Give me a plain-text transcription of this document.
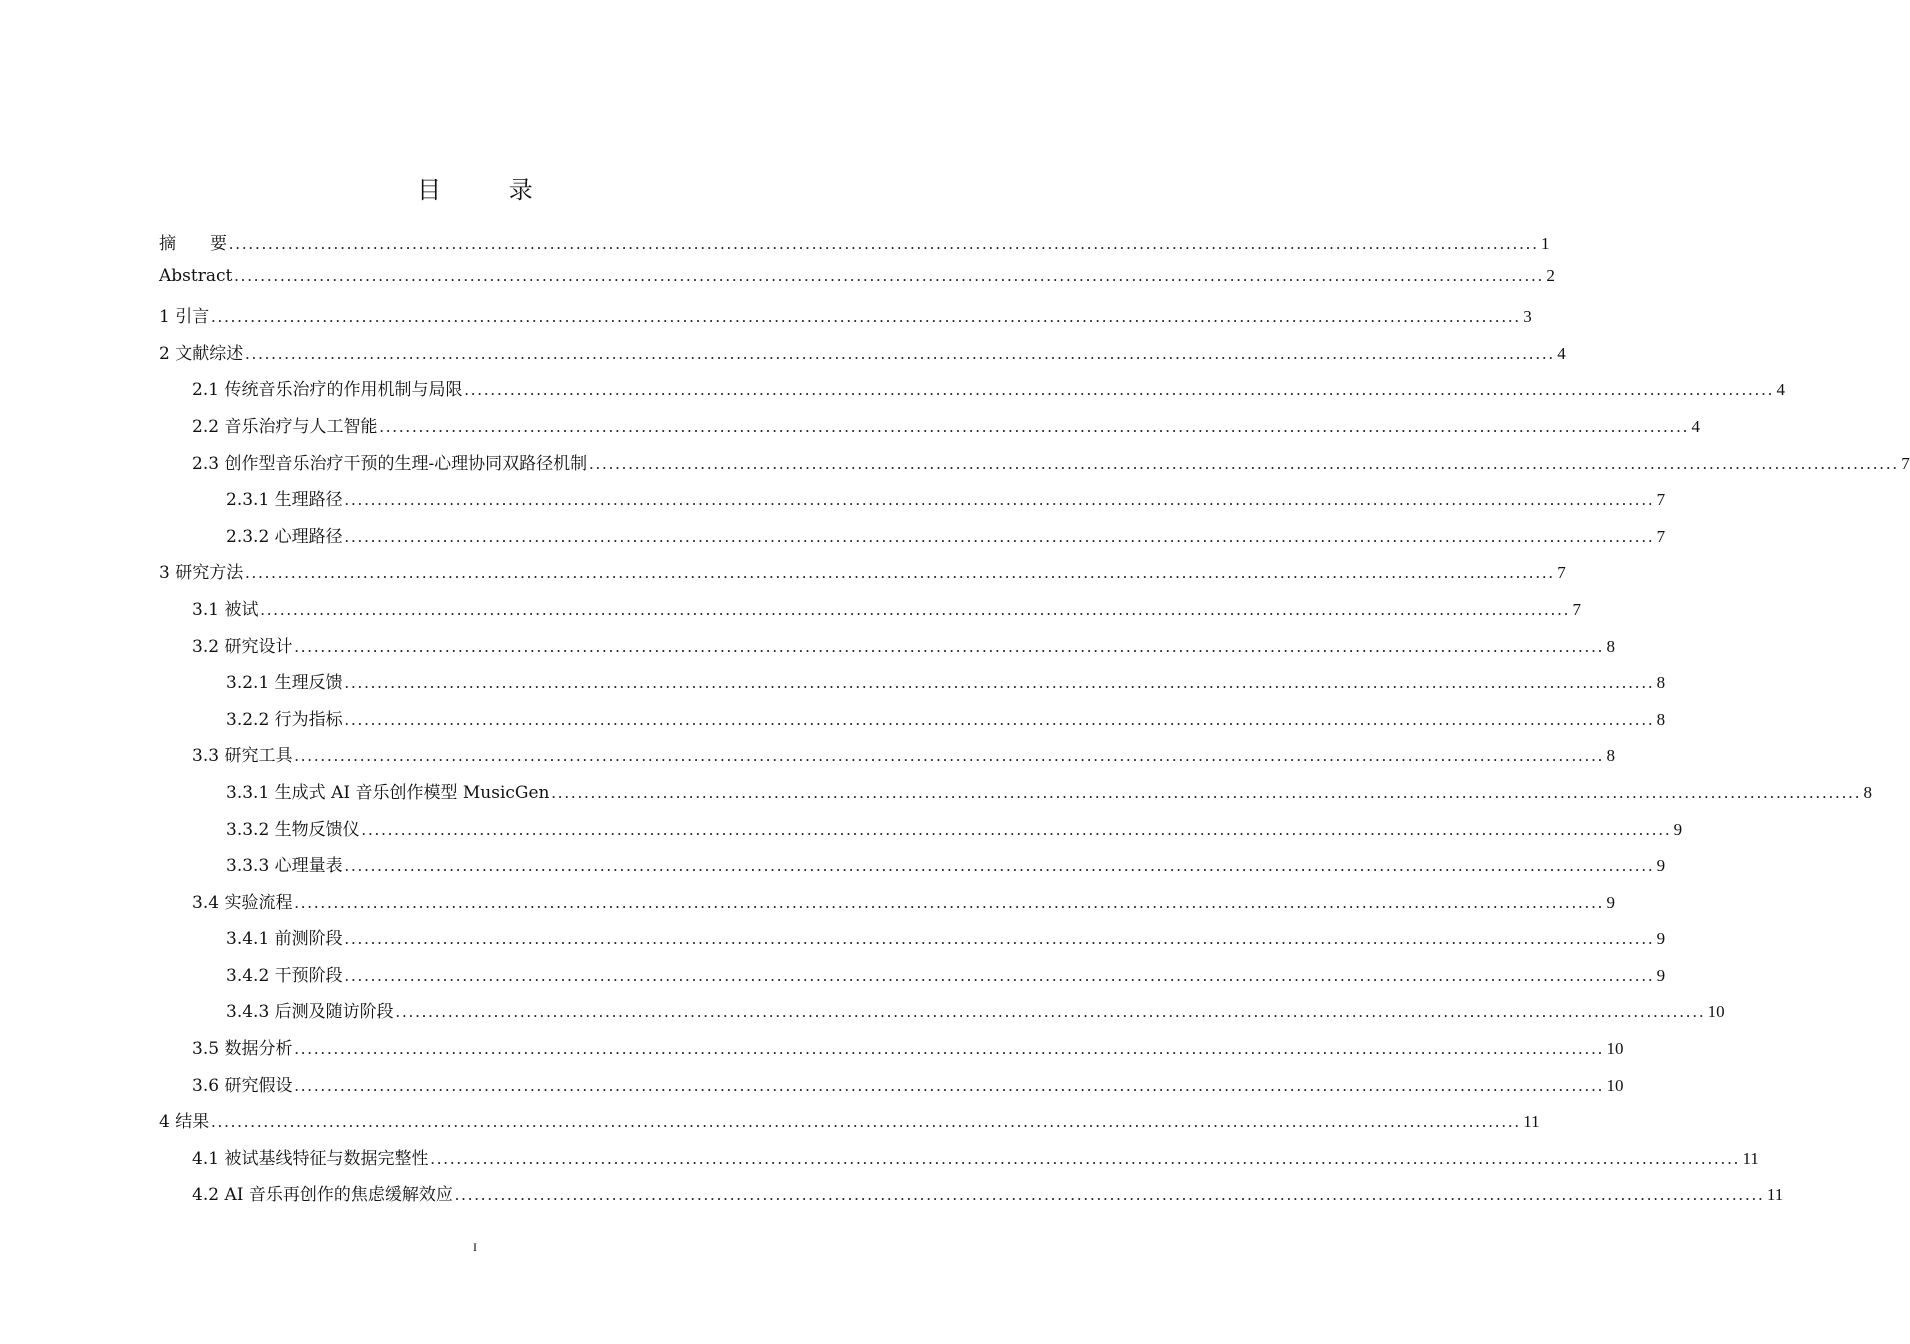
目 录
摘　　要 ........................................................................................................................................................................................................ 1
Abstract ........................................................................................................................................................................................................ 2
1 引言 ........................................................................................................................................................................................................ 3
2 文献综述 ........................................................................................................................................................................................................ 4
2.1 传统音乐治疗的作用机制与局限 ........................................................................................................................................................................................................ 4
2.2 音乐治疗与人工智能 ........................................................................................................................................................................................................ 4
2.3 创作型音乐治疗干预的生理-心理协同双路径机制 ........................................................................................................................................................................................................ 7
2.3.1 生理路径 ........................................................................................................................................................................................................ 7
2.3.2 心理路径 ........................................................................................................................................................................................................ 7
3 研究方法 ........................................................................................................................................................................................................ 7
3.1 被试 ........................................................................................................................................................................................................ 7
3.2 研究设计 ........................................................................................................................................................................................................ 8
3.2.1 生理反馈 ........................................................................................................................................................................................................ 8
3.2.2 行为指标 ........................................................................................................................................................................................................ 8
3.3 研究工具 ........................................................................................................................................................................................................ 8
3.3.1 生成式 AI 音乐创作模型 MusicGen ........................................................................................................................................................................................................ 8
3.3.2 生物反馈仪 ........................................................................................................................................................................................................ 9
3.3.3 心理量表 ........................................................................................................................................................................................................ 9
3.4 实验流程 ........................................................................................................................................................................................................ 9
3.4.1 前测阶段 ........................................................................................................................................................................................................ 9
3.4.2 干预阶段 ........................................................................................................................................................................................................ 9
3.4.3 后测及随访阶段 ........................................................................................................................................................................................................ 10
3.5 数据分析 ........................................................................................................................................................................................................ 10
3.6 研究假设 ........................................................................................................................................................................................................ 10
4 结果 ........................................................................................................................................................................................................ 11
4.1 被试基线特征与数据完整性 ........................................................................................................................................................................................................ 11
4.2 AI 音乐再创作的焦虑缓解效应 ........................................................................................................................................................................................................ 11
I
